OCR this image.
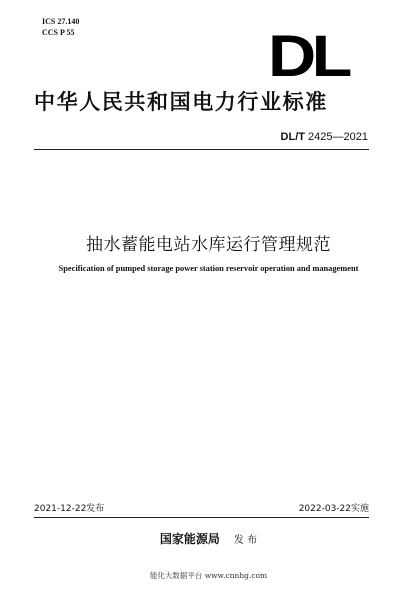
ICS 27.140
CCS P 55	DL
中华人民共和国电力行业标准
DL/T 2425—2021
抽水蓄能电站水库运行管理规范
Specification of pumped storage power station reservoir operation and management
2021-12-22发布	2022-03-22实施
国家能源局 发 布
能化大数据平台 www.cnnhg.com
